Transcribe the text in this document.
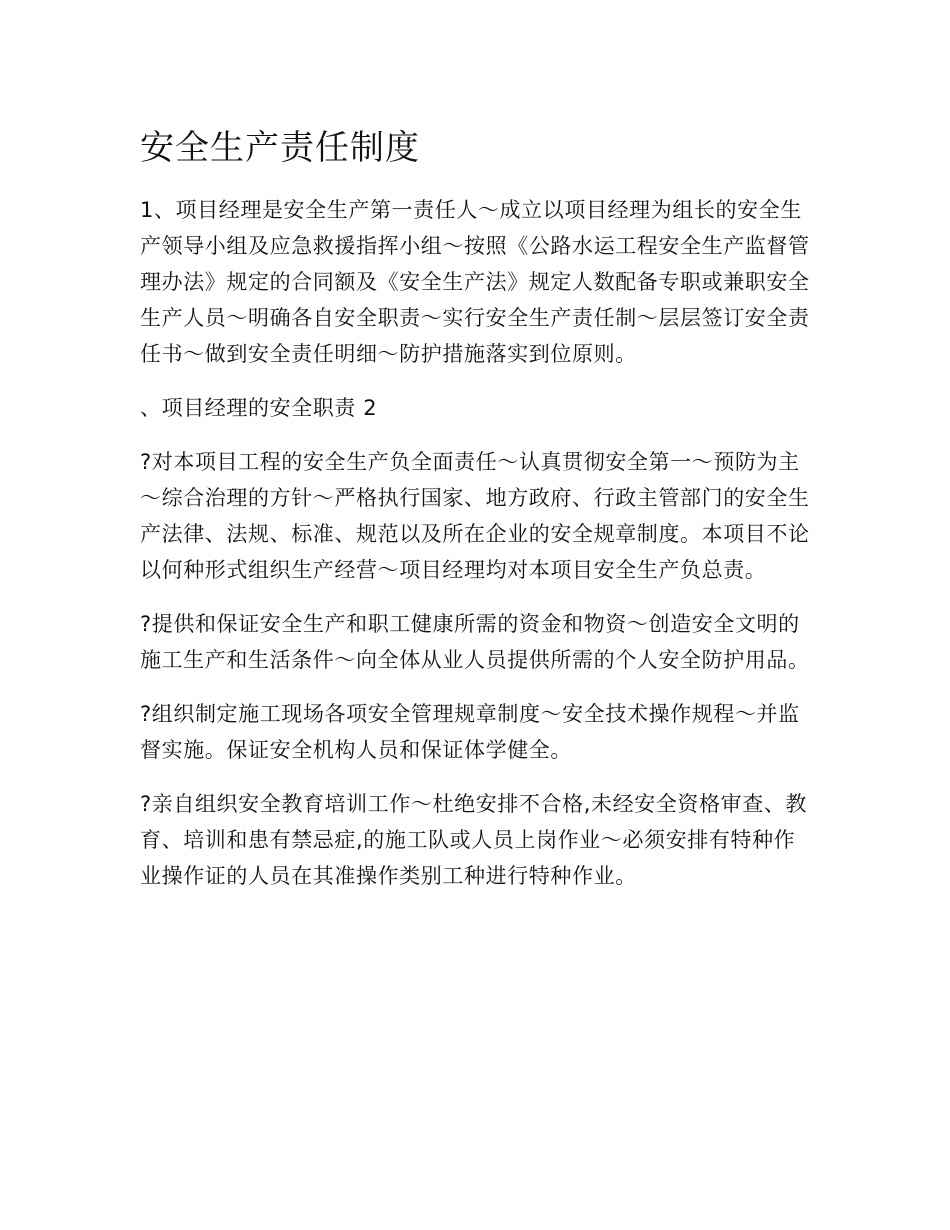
安全生产责任制度

1、项目经理是安全生产第一责任人～成立以项目经理为组长的安全生产领导小组及应急救援指挥小组～按照《公路水运工程安全生产监督管理办法》规定的合同额及《安全生产法》规定人数配备专职或兼职安全生产人员～明确各自安全职责～实行安全生产责任制～层层签订安全责任书～做到安全责任明细～防护措施落实到位原则。

、项目经理的安全职责 2

?对本项目工程的安全生产负全面责任～认真贯彻安全第一～预防为主～综合治理的方针～严格执行国家、地方政府、行政主管部门的安全生产法律、法规、标准、规范以及所在企业的安全规章制度。本项目不论以何种形式组织生产经营～项目经理均对本项目安全生产负总责。

?提供和保证安全生产和职工健康所需的资金和物资～创造安全文明的施工生产和生活条件～向全体从业人员提供所需的个人安全防护用品。

?组织制定施工现场各项安全管理规章制度～安全技术操作规程～并监督实施。保证安全机构人员和保证体学健全。

?亲自组织安全教育培训工作～杜绝安排不合格,未经安全资格审查、教育、培训和患有禁忌症,的施工队或人员上岗作业～必须安排有特种作业操作证的人员在其准操作类别工种进行特种作业。
